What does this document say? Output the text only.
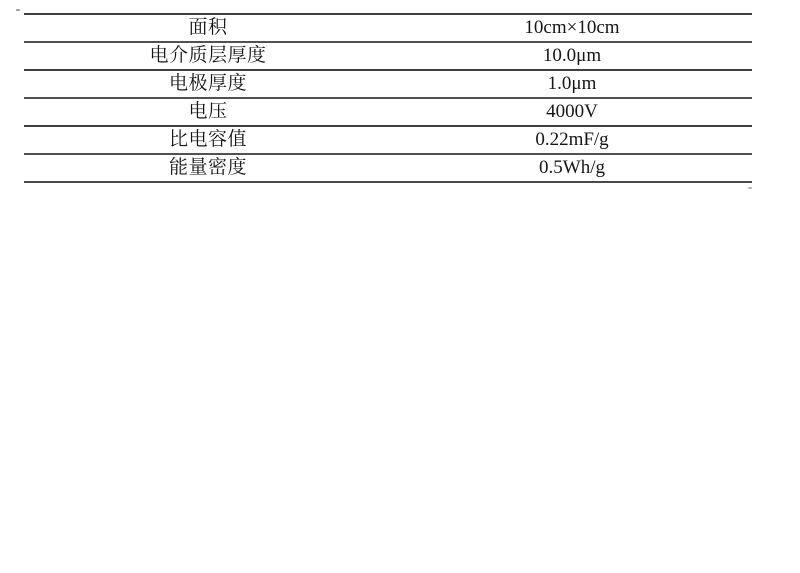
面积	10cm×10cm
电介质层厚度	10.0μm
电极厚度	1.0μm
电压	4000V
比电容值	0.22mF/g
能量密度	0.5Wh/g
